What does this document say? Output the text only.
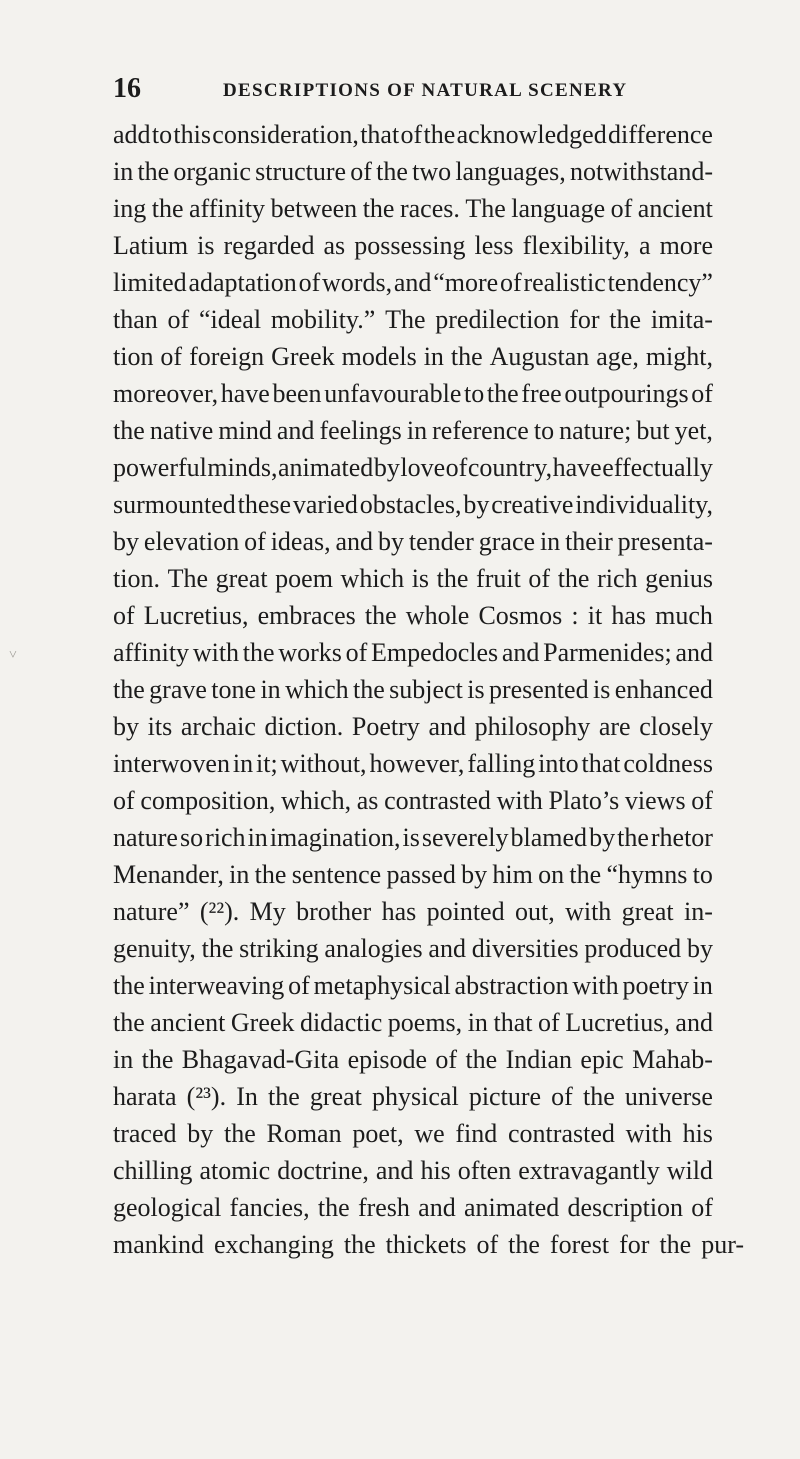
16	DESCRIPTIONS OF NATURAL SCENERY
add to this consideration, that of the acknowledged difference
in the organic structure of the two languages, notwithstand-
ing the affinity between the races. The language of ancient
Latium is regarded as possessing less flexibility, a more
limited adaptation of words, and “more of realistic tendency”
than of “ideal mobility.” The predilection for the imita-
tion of foreign Greek models in the Augustan age, might,
moreover, have been unfavourable to the free outpourings of
the native mind and feelings in reference to nature; but yet,
powerful minds, animated by love of country, have effectually
surmounted these varied obstacles, by creative individuality,
by elevation of ideas, and by tender grace in their presenta-
tion. The great poem which is the fruit of the rich genius
of Lucretius, embraces the whole Cosmos : it has much
affinity with the works of Empedocles and Parmenides; and
the grave tone in which the subject is presented is enhanced
by its archaic diction. Poetry and philosophy are closely
interwoven in it; without, however, falling into that coldness
of composition, which, as contrasted with Plato’s views of
nature so rich in imagination, is severely blamed by the rhetor
Menander, in the sentence passed by him on the “hymns to
nature” (²²). My brother has pointed out, with great in-
genuity, the striking analogies and diversities produced by
the interweaving of metaphysical abstraction with poetry in
the ancient Greek didactic poems, in that of Lucretius, and
in the Bhagavad-Gita episode of the Indian epic Mahab-
harata (²³). In the great physical picture of the universe
traced by the Roman poet, we find contrasted with his
chilling atomic doctrine, and his often extravagantly wild
geological fancies, the fresh and animated description of
mankind exchanging the thickets of the forest for the pur-
˅
